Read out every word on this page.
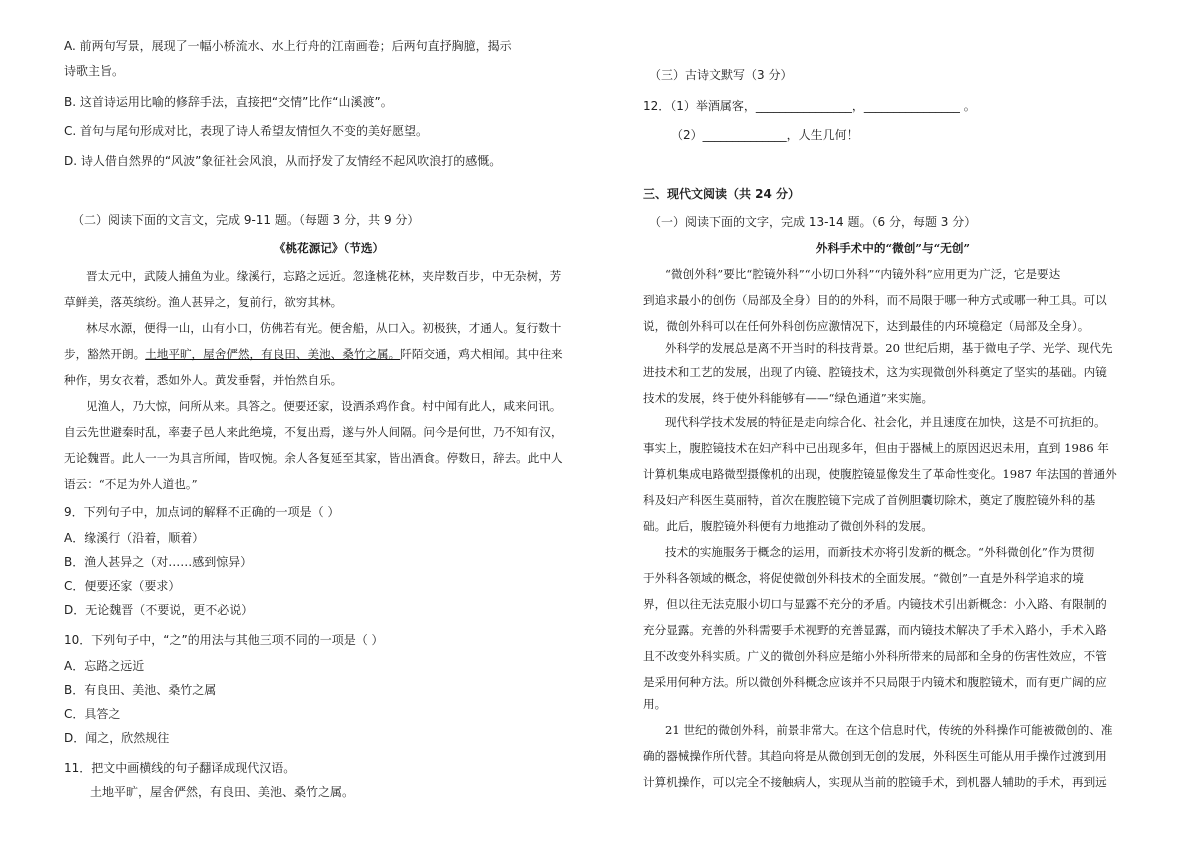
A. 前两句写景，展现了一幅小桥流水、水上行舟的江南画卷；后两句直抒胸臆，揭示
诗歌主旨。
B. 这首诗运用比喻的修辞手法，直接把“交情”比作“山溪渡”。
C. 首句与尾句形成对比，表现了诗人希望友情恒久不变的美好愿望。
D. 诗人借自然界的“风波”象征社会风浪，从而抒发了友情经不起风吹浪打的感慨。
（二）阅读下面的文言文，完成 9-11 题。（每题 3 分，共 9 分）
《桃花源记》（节选）
晋太元中，武陵人捕鱼为业。缘溪行，忘路之远近。忽逢桃花林，夹岸数百步，中无杂树，芳
草鲜美，落英缤纷。渔人甚异之，复前行，欲穷其林。
林尽水源，便得一山，山有小口，仿佛若有光。便舍船，从口入。初极狭，才通人。复行数十
步，豁然开朗。土地平旷，屋舍俨然，有良田、美池、桑竹之属。阡陌交通，鸡犬相闻。其中往来
种作，男女衣着，悉如外人。黄发垂髫，并怡然自乐。
见渔人，乃大惊，问所从来。具答之。便要还家，设酒杀鸡作食。村中闻有此人，咸来问讯。
自云先世避秦时乱，率妻子邑人来此绝境，不复出焉，遂与外人间隔。问今是何世，乃不知有汉，
无论魏晋。此人一一为具言所闻，皆叹惋。余人各复延至其家，皆出酒食。停数日，辞去。此中人
语云：“不足为外人道也。”
9．下列句子中，加点词的解释不正确的一项是（ ）
A．缘溪行（沿着，顺着）
B．渔人甚异之（对……感到惊异）
C．便要还家（要求）
D．无论魏晋（不要说，更不必说）
10．下列句子中，“之”的用法与其他三项不同的一项是（ ）
A．忘路之远近
B．有良田、美池、桑竹之属
C．具答之
D．闻之，欣然规往
11．把文中画横线的句子翻译成现代汉语。
土地平旷，屋舍俨然，有良田、美池、桑竹之属。
（三）古诗文默写（3 分）
12．（1）举酒属客，________________，________________ 。
（2）______________，人生几何！
三、现代文阅读（共 24 分）
（一）阅读下面的文字，完成 13-14 题。（6 分，每题 3 分）
外科手术中的“微创”与“无创”
“微创外科”要比“腔镜外科”“小切口外科”“内镜外科”应用更为广泛，它是要达
到追求最小的创伤（局部及全身）目的的外科，而不局限于哪一种方式或哪一种工具。可以
说，微创外科可以在任何外科创伤应激情况下，达到最佳的内环境稳定（局部及全身）。
外科学的发展总是离不开当时的科技背景。20 世纪后期，基于微电子学、光学、现代先
进技术和工艺的发展，出现了内镜、腔镜技术，这为实现微创外科奠定了坚实的基础。内镜
技术的发展，终于使外科能够有——“绿色通道”来实施。
现代科学技术发展的特征是走向综合化、社会化，并且速度在加快，这是不可抗拒的。
事实上，腹腔镜技术在妇产科中已出现多年，但由于器械上的原因迟迟未用，直到 1986 年
计算机集成电路微型摄像机的出现，使腹腔镜显像发生了革命性变化。1987 年法国的普通外
科及妇产科医生莫丽特，首次在腹腔镜下完成了首例胆囊切除术，奠定了腹腔镜外科的基
础。此后，腹腔镜外科便有力地推动了微创外科的发展。
技术的实施服务于概念的运用，而新技术亦将引发新的概念。“外科微创化”作为贯彻
于外科各领域的概念，将促使微创外科技术的全面发展。“微创”一直是外科学追求的境
界，但以往无法克服小切口与显露不充分的矛盾。内镜技术引出新概念：小入路、有限制的
充分显露。充善的外科需要手术视野的充善显露，而内镜技术解决了手术入路小，手术入路
且不改变外科实质。广义的微创外科应是缩小外科所带来的局部和全身的伤害性效应，不管
是采用何种方法。所以微创外科概念应该并不只局限于内镜术和腹腔镜术，而有更广阔的应
用。
21 世纪的微创外科，前景非常大。在这个信息时代，传统的外科操作可能被微创的、准
确的器械操作所代替。其趋向将是从微创到无创的发展，外科医生可能从用手操作过渡到用
计算机操作，可以完全不接触病人，实现从当前的腔镜手术，到机器人辅助的手术，再到远
